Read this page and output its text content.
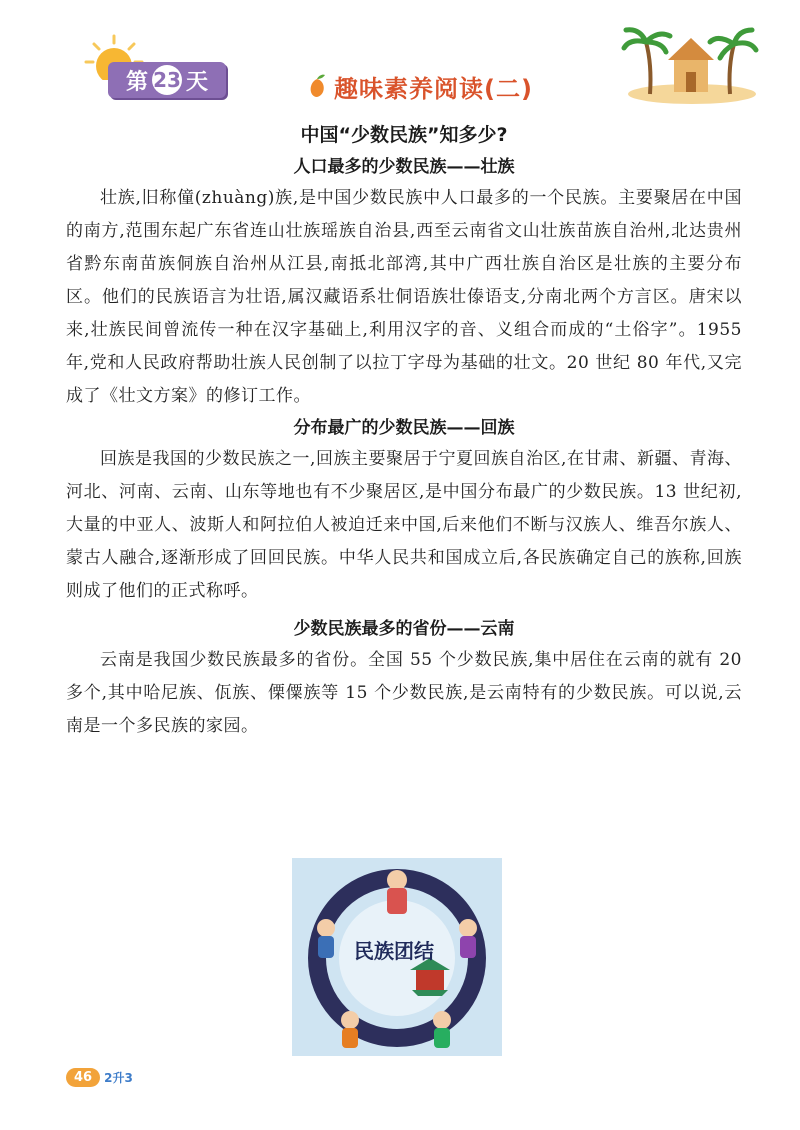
第 23 天	趣味素养阅读(二)
中国“少数民族”知多少?
人口最多的少数民族——壮族

壮族,旧称僮(zhuàng)族,是中国少数民族中人口最多的一个民族。主要聚居在中国的南方,范围东起广东省连山壮族瑶族自治县,西至云南省文山壮族苗族自治州,北达贵州省黔东南苗族侗族自治州从江县,南抵北部湾,其中广西壮族自治区是壮族的主要分布区。他们的民族语言为壮语,属汉藏语系壮侗语族壮傣语支,分南北两个方言区。唐宋以来,壮族民间曾流传一种在汉字基础上,利用汉字的音、义组合而成的“土俗字”。1955 年,党和人民政府帮助壮族人民创制了以拉丁字母为基础的壮文。20 世纪 80 年代,又完成了《壮文方案》的修订工作。

分布最广的少数民族——回族

回族是我国的少数民族之一,回族主要聚居于宁夏回族自治区,在甘肃、新疆、青海、河北、河南、云南、山东等地也有不少聚居区,是中国分布最广的少数民族。13 世纪初,大量的中亚人、波斯人和阿拉伯人被迫迁来中国,后来他们不断与汉族人、维吾尔族人、蒙古人融合,逐渐形成了回回民族。中华人民共和国成立后,各民族确定自己的族称,回族则成了他们的正式称呼。

少数民族最多的省份——云南

云南是我国少数民族最多的省份。全国 55 个少数民族,集中居住在云南的就有 20 多个,其中哈尼族、佤族、傈僳族等 15 个少数民族,是云南特有的少数民族。可以说,云南是一个多民族的家园。

民族团结
46	2升3
